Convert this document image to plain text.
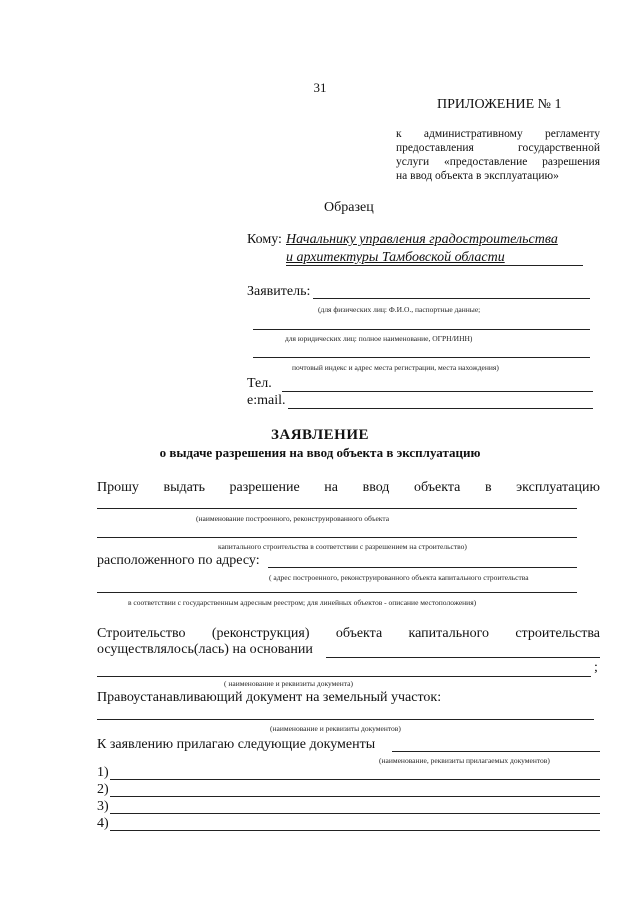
31
ПРИЛОЖЕНИЕ № 1
к административному регламенту
предоставления государственной
услуги «предоставление разрешения
на ввод объекта в эксплуатацию»
Образец
Кому: Начальнику управления градостроительства
и архитектуры Тамбовской области
Заявитель:
(для физических лиц: Ф.И.О., паспортные данные;
для юридических лиц: полное наименование, ОГРН/ИНН)
почтовый индекс и адрес места регистрации, места нахождения)
Тел.
e:mail.
ЗАЯВЛЕНИЕ
о выдаче разрешения на ввод объекта в эксплуатацию
Прошу выдать разрешение на ввод объекта в эксплуатацию
(наименование построенного, реконструированного объекта
капитального строительства в соответствии с разрешением на строительство)
расположенного по адресу:
( адрес построенного, реконструированного объекта капитального строительства
в соответствии с государственным адресным реестром; для линейных объектов - описание местоположения)
Строительство (реконструкция) объекта капитального строительства
осуществлялось(лась) на основании
;
( наименование и реквизиты документа)
Правоустанавливающий документ на земельный участок:
(наименование и реквизиты документов)
К заявлению прилагаю следующие документы
(наименование, реквизиты прилагаемых документов)
1)
2)
3)
4)
